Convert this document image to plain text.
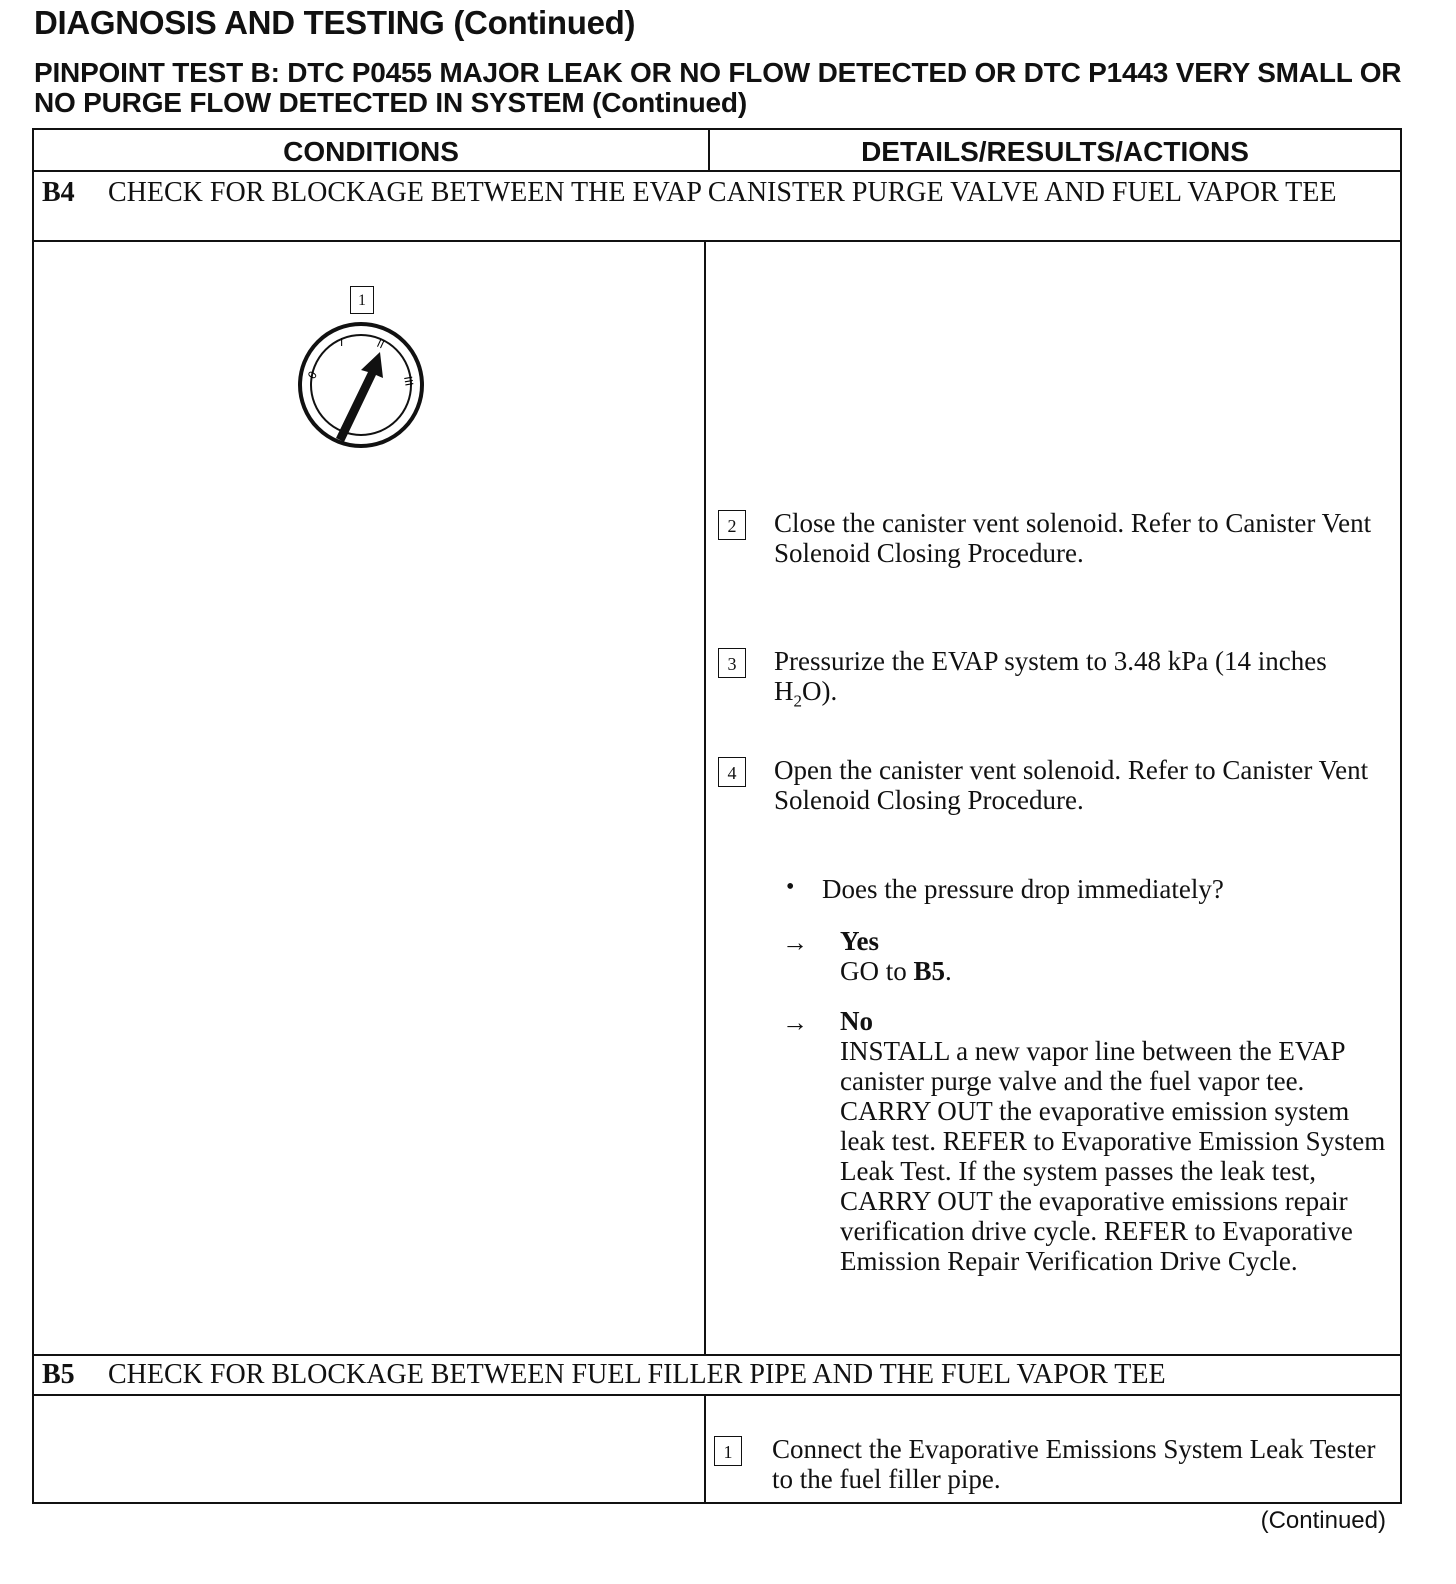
DIAGNOSIS AND TESTING (Continued)
PINPOINT TEST B: DTC P0455 MAJOR LEAK OR NO FLOW DETECTED OR DTC P1443 VERY SMALL OR NO PURGE FLOW DETECTED IN SYSTEM (Continued)
CONDITIONS	DETAILS/RESULTS/ACTIONS
B4 CHECK FOR BLOCKAGE BETWEEN THE EVAP CANISTER PURGE VALVE AND FUEL VAPOR TEE
1
0
I	II
III
2	Close the canister vent solenoid. Refer to Canister Vent Solenoid Closing Procedure.
3	Pressurize the EVAP system to 3.48 kPa (14 inches $H_2O$).
4	Open the canister vent solenoid. Refer to Canister Vent Solenoid Closing Procedure.
• Does the pressure drop immediately?
→ Yes
GO to B5.
→ No
INSTALL a new vapor line between the EVAP canister purge valve and the fuel vapor tee. CARRY OUT the evaporative emission system leak test. REFER to Evaporative Emission System Leak Test. If the system passes the leak test, CARRY OUT the evaporative emissions repair verification drive cycle. REFER to Evaporative Emission Repair Verification Drive Cycle.
B5 CHECK FOR BLOCKAGE BETWEEN FUEL FILLER PIPE AND THE FUEL VAPOR TEE
1	Connect the Evaporative Emissions System Leak Tester to the fuel filler pipe.
(Continued)
